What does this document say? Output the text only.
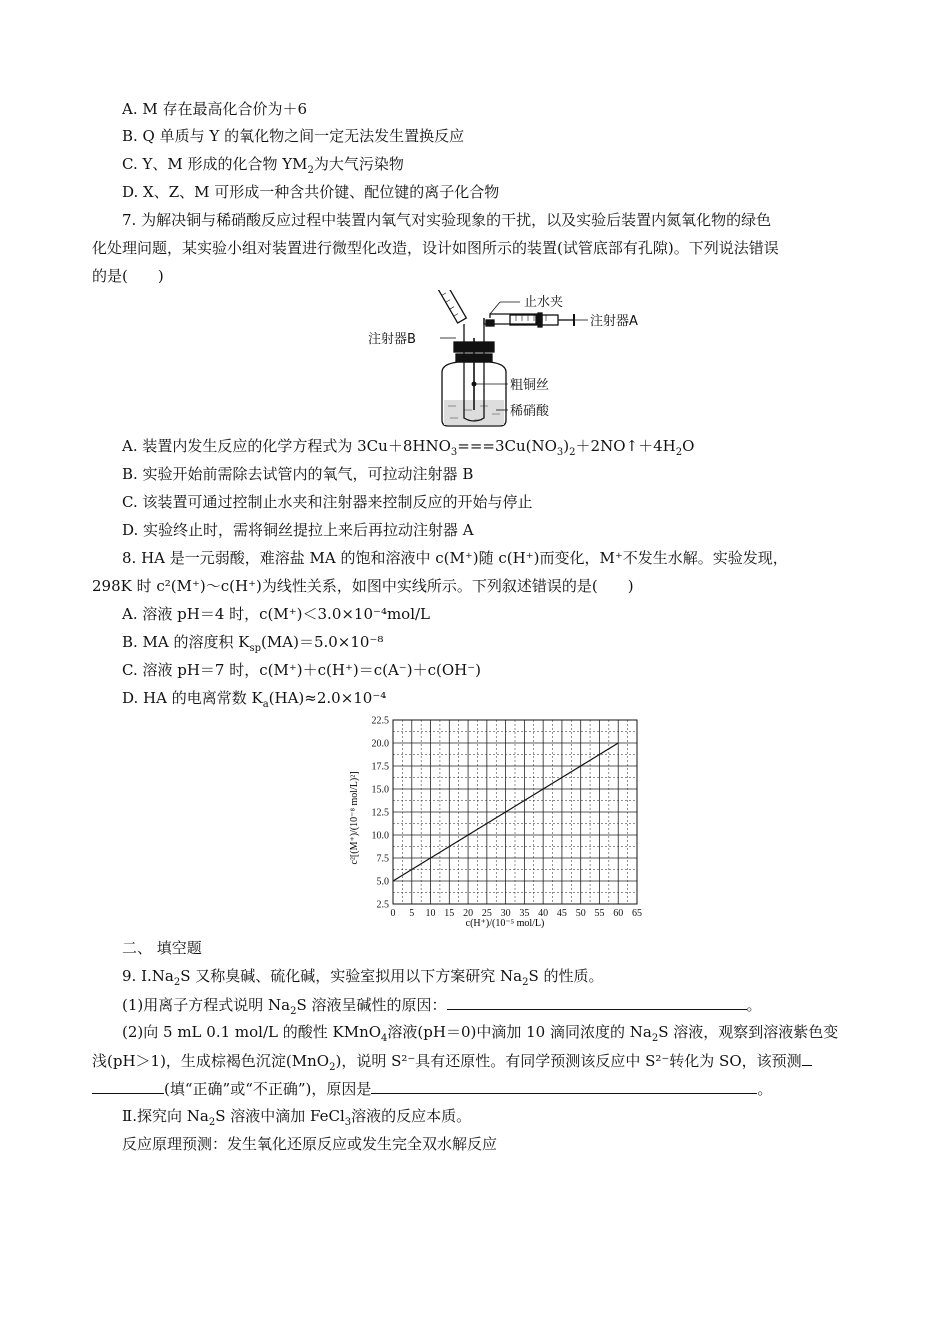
A. M 存在最高化合价为＋6
B. Q 单质与 Y 的氧化物之间一定无法发生置换反应
C. Y、M 形成的化合物 $YM_2$为大气污染物
D. X、Z、M 可形成一种含共价键、配位键的离子化合物
7. 为解决铜与稀硝酸反应过程中装置内氧气对实验现象的干扰，以及实验后装置内氮氧化物的绿色
化处理问题，某实验小组对装置进行微型化改造，设计如图所示的装置(试管底部有孔隙)。下列说法错误
的是(　　)
止水夹
注射器A
注射器B
粗铜丝
稀硝酸
A. 装置内发生反应的化学方程式为 $3Cu+8HNO_3===3Cu(NO_3)_2+2NO↑+4H_2O$
B. 实验开始前需除去试管内的氧气，可拉动注射器 B
C. 该装置可通过控制止水夹和注射器来控制反应的开始与停止
D. 实验终止时，需将铜丝提拉上来后再拉动注射器 A
8. HA 是一元弱酸，难溶盐 MA 的饱和溶液中 c(M⁺)随 c(H⁺)而变化，M⁺不发生水解。实验发现，
298K 时 c²(M⁺)～c(H⁺)为线性关系，如图中实线所示。下列叙述错误的是(　　)
A. 溶液 pH＝4 时，c(M⁺)＜3.0×10⁻⁴mol/L
B. MA 的溶度积 $K_{sp}(MA)=5.0\times 10^{-8}$
C. 溶液 pH＝7 时，c(M⁺)＋c(H⁺)＝c(A⁻)＋c(OH⁻)
D. HA 的电离常数 $K_a(HA)\approx 2.0\times 10^{-4}$
0 5 10 15 20 25 30 35 40 45 50 55 60 65
2.5
5.0
7.5
10.0
12.5
15.0
17.5
20.0
22.5
c(H⁺)/(10⁻⁵ mol/L)
c²[(M⁺)/(10⁻⁸ mol/L)²]
二、 填空题
9. $Ⅰ.Na_2S$ 又称臭碱、硫化碱，实验室拟用以下方案研究 $Na_2S$ 的性质。
(1)用离子方程式说明 $Na_2S$ 溶液呈碱性的原因：	。
(2)向 5 mL 0.1 mol/L 的酸性 KMnO$_4$溶液(pH＝0)中滴加 10 滴同浓度的 $Na_2S$ 溶液，观察到溶液紫色变
浅(pH＞1)，生成棕褐色沉淀(MnO$_2$)，说明 S²⁻具有还原性。有同学预测该反应中 S²⁻转化为 SO，该预测
(填“正确”或“不正确”)，原因是	。
Ⅱ.探究向 $Na_2S$ 溶液中滴加 FeCl$_3$溶液的反应本质。
反应原理预测：发生氧化还原反应或发生完全双水解反应
